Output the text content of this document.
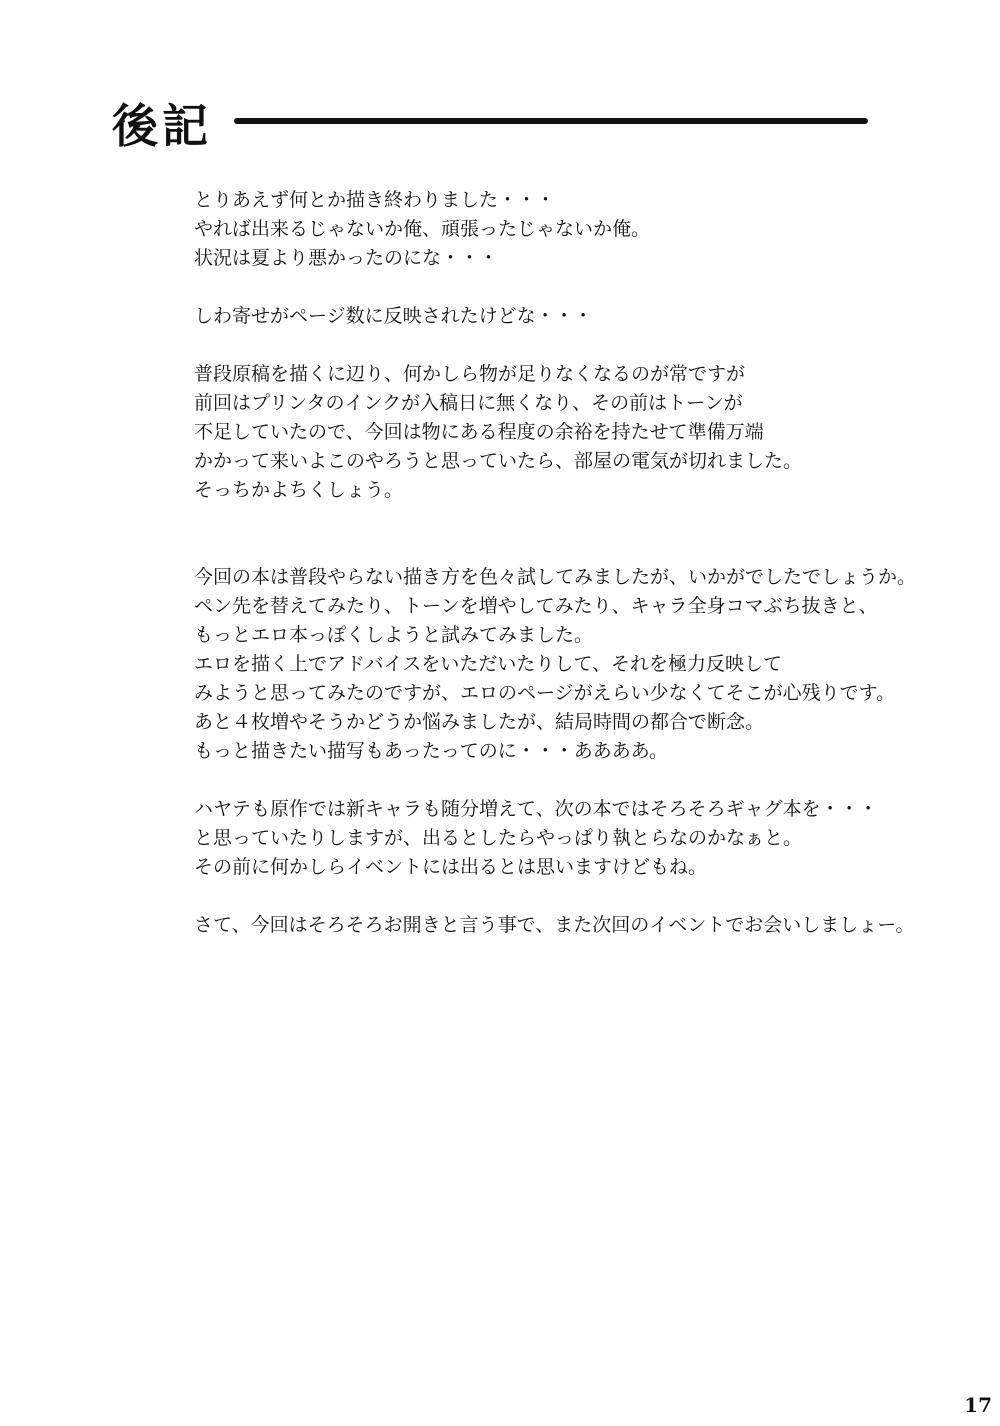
後記
とりあえず何とか描き終わりました・・・
やれば出来るじゃないか俺、頑張ったじゃないか俺。
状況は夏より悪かったのにな・・・
しわ寄せがページ数に反映されたけどな・・・
普段原稿を描くに辺り、何かしら物が足りなくなるのが常ですが
前回はプリンタのインクが入稿日に無くなり、その前はトーンが
不足していたので、今回は物にある程度の余裕を持たせて準備万端
かかって来いよこのやろうと思っていたら、部屋の電気が切れました。
そっちかよちくしょう。
今回の本は普段やらない描き方を色々試してみましたが、いかがでしたでしょうか。
ペン先を替えてみたり、トーンを増やしてみたり、キャラ全身コマぶち抜きと、
もっとエロ本っぽくしようと試みてみました。
エロを描く上でアドバイスをいただいたりして、それを極力反映して
みようと思ってみたのですが、エロのページがえらい少なくてそこが心残りです。
あと４枚増やそうかどうか悩みましたが、結局時間の都合で断念。
もっと描きたい描写もあったってのに・・・ああああ。
ハヤテも原作では新キャラも随分増えて、次の本ではそろそろギャグ本を・・・
と思っていたりしますが、出るとしたらやっぱり執とらなのかなぁと。
その前に何かしらイベントには出るとは思いますけどもね。
さて、今回はそろそろお開きと言う事で、また次回のイベントでお会いしましょー。
17
